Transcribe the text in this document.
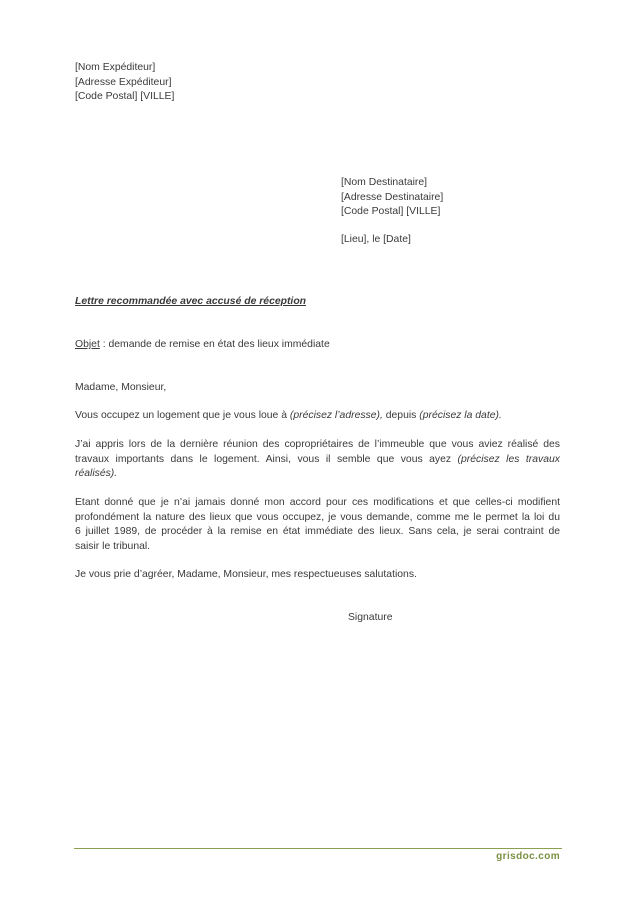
[Nom Expéditeur]
[Adresse Expéditeur]
[Code Postal] [VILLE]
[Nom Destinataire]
[Adresse Destinataire]
[Code Postal] [VILLE]
[Lieu], le [Date]
Lettre recommandée avec accusé de réception
Objet : demande de remise en état des lieux immédiate
Madame, Monsieur,
Vous occupez un logement que je vous loue à (précisez l’adresse), depuis (précisez la date).
J’ai appris lors de la dernière réunion des copropriétaires de l’immeuble que vous aviez réalisé des
travaux importants dans le logement. Ainsi, vous il semble que vous ayez (précisez les travaux
réalisés).
Etant donné que je n’ai jamais donné mon accord pour ces modifications et que celles-ci modifient
profondément la nature des lieux que vous occupez, je vous demande, comme me le permet la loi du
6 juillet 1989, de procéder à la remise en état immédiate des lieux. Sans cela, je serai contraint de
saisir le tribunal.
Je vous prie d’agréer, Madame, Monsieur, mes respectueuses salutations.
Signature
grisdoc.com
